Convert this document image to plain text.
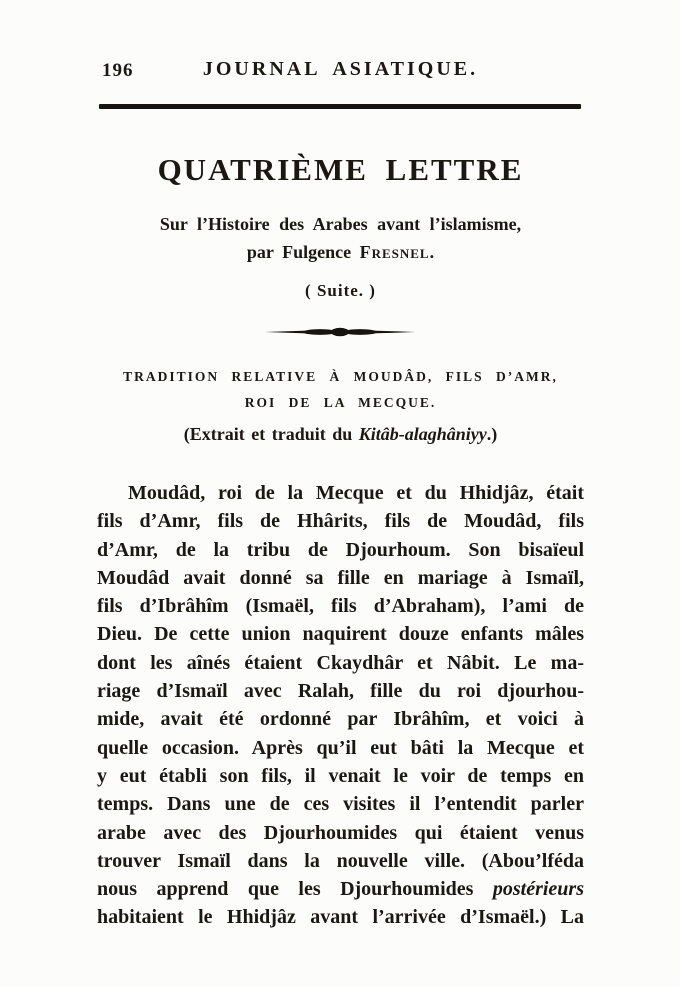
196	JOURNAL ASIATIQUE.
QUATRIÈME LETTRE
Sur l’Histoire des Arabes avant l’islamisme,
par Fulgence Fresnel.
( Suite. )
TRADITION RELATIVE À MOUDÂD, FILS D’AMR,
ROI DE LA MECQUE.
(Extrait et traduit du Kitâb-alaghâniyy.)
Moudâd, roi de la Mecque et du Hhidjâz, était
fils d’Amr, fils de Hhârits, fils de Moudâd, fils
d’Amr, de la tribu de Djourhoum. Son bisaïeul
Moudâd avait donné sa fille en mariage à Ismaïl,
fils d’Ibrâhîm (Ismaël, fils d’Abraham), l’ami de
Dieu. De cette union naquirent douze enfants mâles
dont les aînés étaient Ckaydhâr et Nâbit. Le ma-
riage d’Ismaïl avec Ralah, fille du roi djourhou-
mide, avait été ordonné par Ibrâhîm, et voici à
quelle occasion. Après qu’il eut bâti la Mecque et
y eut établi son fils, il venait le voir de temps en
temps. Dans une de ces visites il l’entendit parler
arabe avec des Djourhoumides qui étaient venus
trouver Ismaïl dans la nouvelle ville. (Abou’lféda
nous apprend que les Djourhoumides postérieurs
habitaient le Hhidjâz avant l’arrivée d’Ismaël.) La
